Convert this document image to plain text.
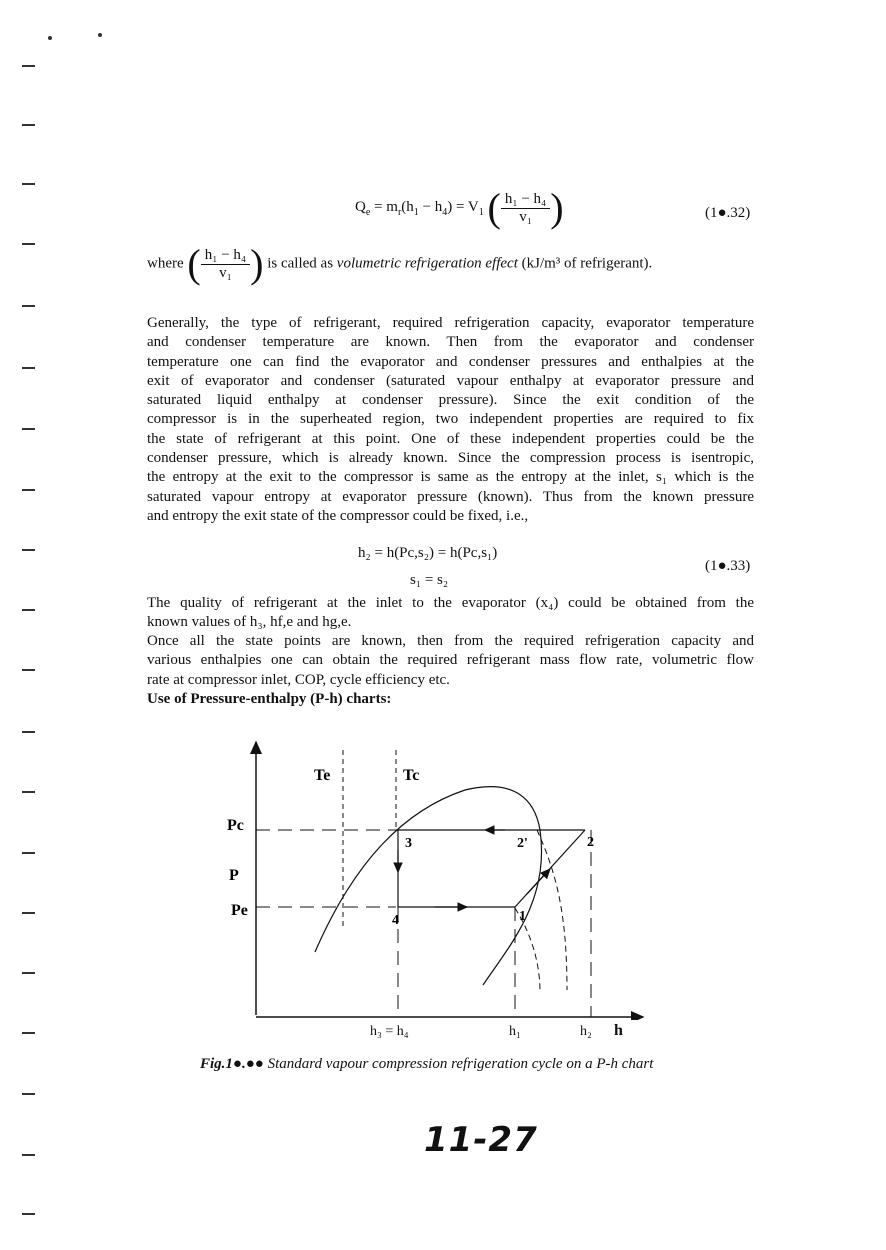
$Q_e = m_r(h_1 - h_4) = V_1$ ( $\frac{\text{h₁ − h₄}}{\text{v₁}}$ )	(1●.32)
where ( $\frac{\text{h₁ − h₄}}{\text{v₁}}$ ) is called as volumetric refrigeration effect (kJ/m³ of refrigerant).
Generally, the type of refrigerant, required refrigeration capacity, evaporator temperature
and condenser temperature are known. Then from the evaporator and condenser
temperature one can find the evaporator and condenser pressures and enthalpies at the
exit of evaporator and condenser (saturated vapour enthalpy at evaporator pressure and
saturated liquid enthalpy at condenser pressure). Since the exit condition of the
compressor is in the superheated region, two independent properties are required to fix
the state of refrigerant at this point. One of these independent properties could be the
condenser pressure, which is already known. Since the compression process is isentropic,
the entropy at the exit to the compressor is same as the entropy at the inlet, s₁ which is the
saturated vapour entropy at evaporator pressure (known). Thus from the known pressure
and entropy the exit state of the compressor could be fixed, i.e.,
h₂ = h(Pc,s₂) = h(Pc,s₁)
s₁ = s₂
(1●.33)
The quality of refrigerant at the inlet to the evaporator (x₄) could be obtained from the
known values of h₃, hf,e and hg,e.
Once all the state points are known, then from the required refrigeration capacity and
various enthalpies one can obtain the required refrigerant mass flow rate, volumetric flow
rate at compressor inlet, COP, cycle efficiency etc.
Use of Pressure-enthalpy (P-h) charts:
Te	Tc
Pc
P
Pe
3	2'	2
4	1
h₃ = h₄	h₁	h₂ h
Fig.1●.●● Standard vapour compression refrigeration cycle on a P-h chart
11-27
